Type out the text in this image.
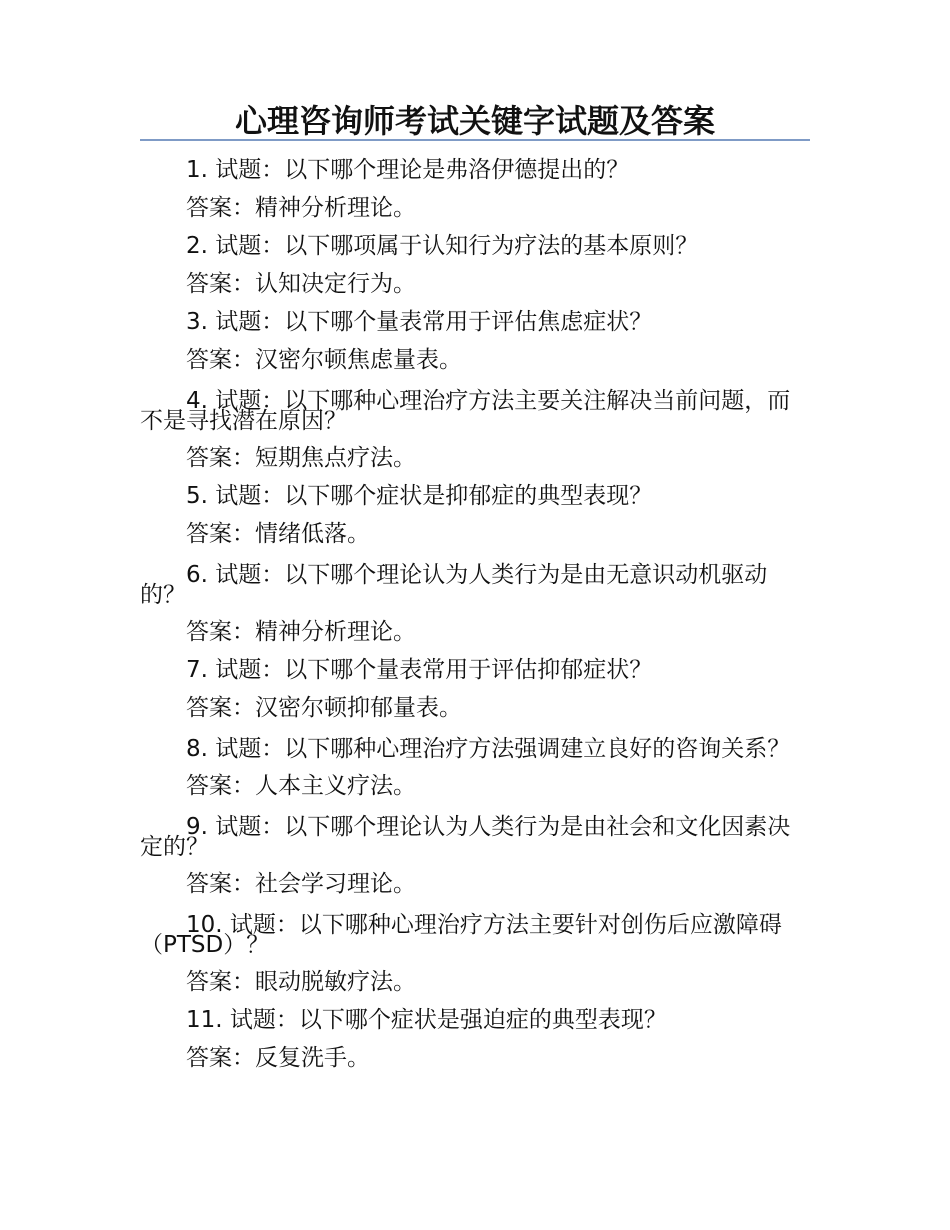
心理咨询师考试关键字试题及答案

1. 试题：以下哪个理论是弗洛伊德提出的？

答案：精神分析理论。

2. 试题：以下哪项属于认知行为疗法的基本原则？

答案：认知决定行为。

3. 试题：以下哪个量表常用于评估焦虑症状？

答案：汉密尔顿焦虑量表。

4. 试题：以下哪种心理治疗方法主要关注解决当前问题，而不是寻找潜在原因？

答案：短期焦点疗法。

5. 试题：以下哪个症状是抑郁症的典型表现？

答案：情绪低落。

6. 试题：以下哪个理论认为人类行为是由无意识动机驱动的？

答案：精神分析理论。

7. 试题：以下哪个量表常用于评估抑郁症状？

答案：汉密尔顿抑郁量表。

8. 试题：以下哪种心理治疗方法强调建立良好的咨询关系？

答案：人本主义疗法。

9. 试题：以下哪个理论认为人类行为是由社会和文化因素决定的？

答案：社会学习理论。

10. 试题：以下哪种心理治疗方法主要针对创伤后应激障碍（PTSD）？

答案：眼动脱敏疗法。

11. 试题：以下哪个症状是强迫症的典型表现？

答案：反复洗手。
